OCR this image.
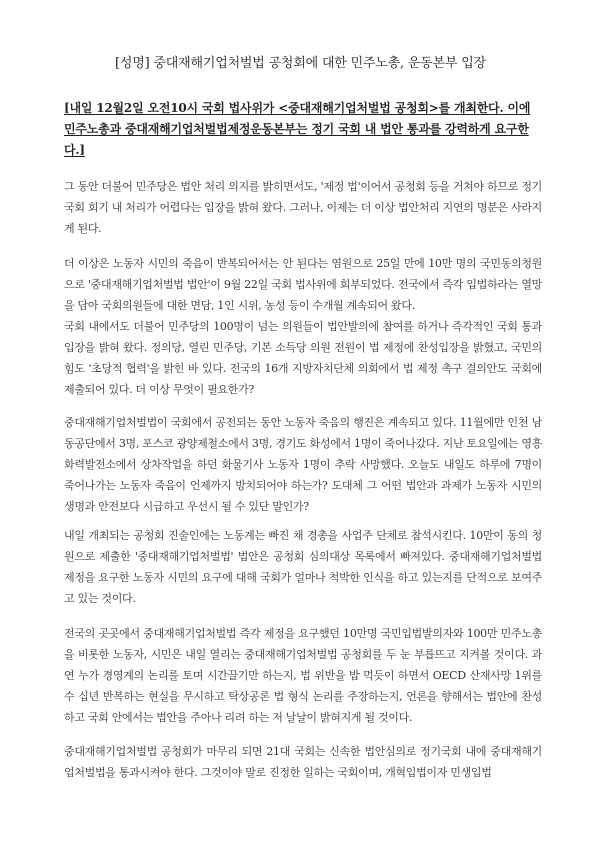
[성명] 중대재해기업처벌법 공청회에 대한 민주노총, 운동본부 입장
[내일 12월2일 오전10시 국회 법사위가 <중대재해기업처벌법 공청회>를 개최한다. 이에 민주노총과 중대재해기업처벌법제정운동본부는 정기 국회 내 법안 통과를 강력하게 요구한다.]
그 동안 더불어 민주당은 법안 처리 의지를 밝히면서도, '제정 법'이어서 공청회 등을 거쳐야 하므로 정기국회 회기 내 처리가 어렵다는 입장을 밝혀 왔다. 그러나, 이제는 더 이상 법안처리 지연의 명분은 사라지게 된다.
더 이상은 노동자 시민의 죽음이 반복되어서는 안 된다는 염원으로 25일 만에 10만 명의 국민동의청원으로 '중대재해기업처벌법 법안'이 9월 22일 국회 법사위에 회부되었다. 전국에서 즉각 입법하라는 열망을 담아 국회의원들에 대한 면담, 1인 시위, 농성 등이 수개월 계속되어 왔다.
국회 내에서도 더불어 민주당의 100명이 넘는 의원들이 법안발의에 참여를 하거나 즉각적인 국회 통과 입장을 밝혀 왔다. 정의당, 열린 민주당, 기본 소득당 의원 전원이 법 제정에 찬성입장을 밝혔고, 국민의 힘도 '초당적 협력'을 밝힌 바 있다. 전국의 16개 지방자치단체 의회에서 법 제정 촉구 결의안도 국회에 제출되어 있다. 더 이상 무엇이 필요한가?
중대재해기업처벌법이 국회에서 공전되는 동안 노동자 죽음의 행진은 계속되고 있다. 11월에만 인천 남동공단에서 3명, 포스코 광양제철소에서 3명, 경기도 화성에서 1명이 죽어나갔다. 지난 토요일에는 영흥 화력발전소에서 상차작업을 하던 화물기사 노동자 1명이 추락 사망했다. 오늘도 내일도 하루에 7명이 죽어나가는 노동자 죽음이 언제까지 방치되어야 하는가? 도대체 그 어떤 법안과 과제가 노동자 시민의 생명과 안전보다 시급하고 우선시 될 수 있단 말인가?
내일 개최되는 공청회 진술인에는 노동계는 빠진 채 경총을 사업주 단체로 참석시킨다. 10만이 동의 청원으로 제출한 '중대재해기업처벌법' 법안은 공청회 심의대상 목록에서 빠져있다. 중대재해기업처벌법 제정을 요구한 노동자 시민의 요구에 대해 국회가 얼마나 척박한 인식을 하고 있는지를 단적으로 보여주고 있는 것이다.
전국의 곳곳에서 중대재해기업처벌법 즉각 제정을 요구했던 10만명 국민입법발의자와 100만 민주노총을 비롯한 노동자, 시민은 내일 열리는 중대재해기업처벌법 공청회를 두 눈 부릅뜨고 지켜볼 것이다. 과연 누가 경영계의 논리를 토며 시간끌기만 하는지, 법 위반을 밥 먹듯이 하면서 OECD 산재사망 1위를 수 십년 반복하는 현실을 무시하고 탁상공론 법 형식 논리를 주장하는지, 언론을 향해서는 법안에 찬성하고 국회 안에서는 법안을 주아나 리려 하는 저 날날이 밝혀지게 될 것이다.
중대재해기업처벌법 공청회가 마무리 되면 21대 국회는 신속한 법안심의로 정기국회 내에 중대재해기업처벌법을 통과시켜야 한다. 그것이야 말로 진정한 일하는 국회이며, 개혁입법이자 민생입법
